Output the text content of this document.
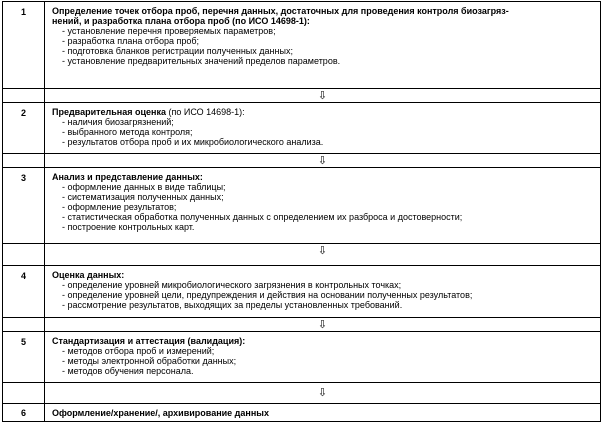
1	Определение точек отбора проб, перечня данных, достаточных для проведения контроля биозагряз-
нений, и разработка плана отбора проб (по ИСО 14698-1):
- установление перечня проверяемых параметров;
- разработка плана отбора проб;
- подготовка бланков регистрации полученных данных;
- установление предварительных значений пределов параметров.
⇩
2	Предварительная оценка (по ИСО 14698-1):
- наличия биозагрязнений;
- выбранного метода контроля;
- результатов отбора проб и их микробиологического анализа.
⇩
3	Анализ и представление данных:
- оформление данных в виде таблицы;
- систематизация полученных данных;
- оформление результатов;
- статистическая обработка полученных данных с определением их разброса и достоверности;
- построение контрольных карт.
⇩
4	Оценка данных:
- определение уровней микробиологического загрязнения в контрольных точках;
- определение уровней цели, предупреждения и действия на основании полученных результатов;
- рассмотрение результатов, выходящих за пределы установленных требований.
⇩
5	Стандартизация и аттестация (валидация):
- методов отбора проб и измерений;
- методы электронной обработки данных;
- методов обучения персонала.
⇩
6	Оформление/хранение/, архивирование данных
